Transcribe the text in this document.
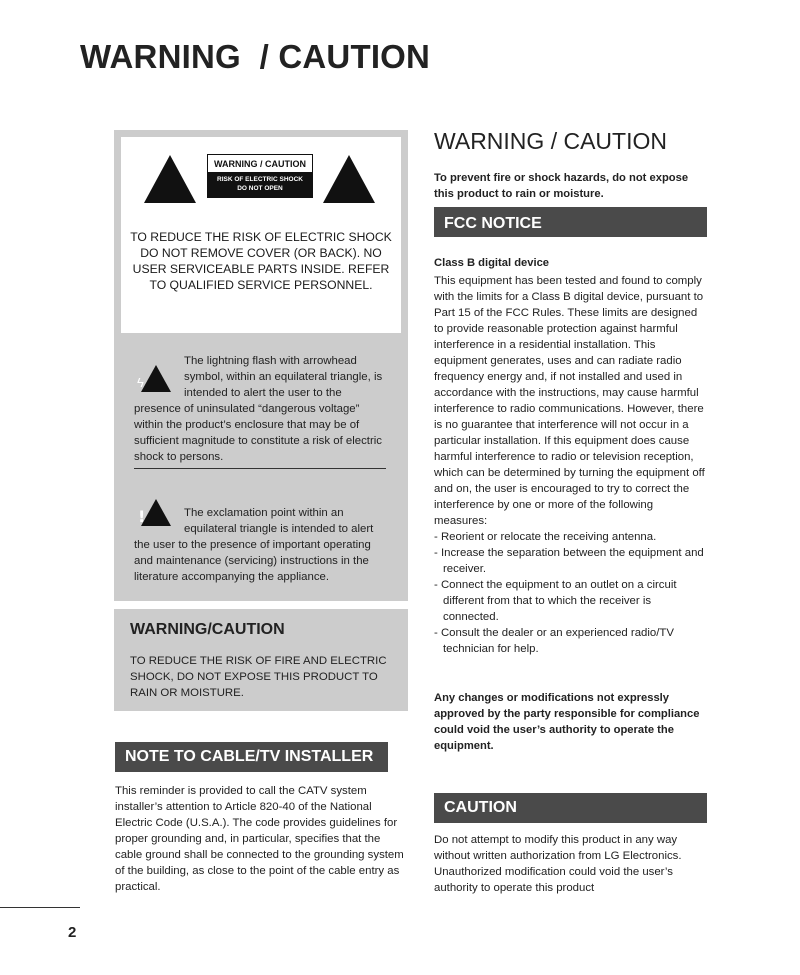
WARNING  / CAUTION
ϟ
WARNING / CAUTION
RISK OF ELECTRIC SHOCK
DO NOT OPEN	!
TO REDUCE THE RISK OF ELECTRIC SHOCK DO NOT REMOVE COVER (OR BACK). NO USER SERVICEABLE PARTS INSIDE. REFER TO QUALIFIED SERVICE PERSONNEL.
ϟ
The lightning flash with arrowhead symbol, within an equilateral triangle, is intended to alert the user to the presence of uninsulated “dangerous voltage” within the product’s enclosure that may be of sufficient magnitude to constitute a risk of electric shock to persons.
!	The exclamation point within an equilateral triangle is intended to alert the user to the presence of important operating and maintenance (servicing) instructions in the literature accompanying the appliance.
WARNING/CAUTION
TO REDUCE THE RISK OF FIRE AND ELECTRIC SHOCK, DO NOT EXPOSE THIS PRODUCT TO RAIN OR MOISTURE.
NOTE TO CABLE/TV INSTALLER
This reminder is provided to call the CATV system installer’s attention to Article 820-40 of the National Electric Code (U.S.A.). The code provides guidelines for proper grounding and, in particular, specifies that the cable ground shall be connected to the grounding system of the building, as close to the point of the cable entry as practical.
WARNING / CAUTION
To prevent fire or shock hazards, do not expose this product to rain or moisture.
FCC NOTICE
Class B digital device
This equipment has been tested and found to comply with the limits for a Class B digital device, pursuant to Part 15 of the FCC Rules. These limits are designed to provide reasonable protection against harmful interference in a residential installation. This equipment generates, uses and can radiate radio frequency energy and, if not installed and used in accordance with the instructions, may cause harmful interference to radio communications. However, there is no guarantee that interference will not occur in a particular installation. If this equipment does cause harmful interference to radio or television reception, which can be determined by turning the equipment off and on, the user is encouraged to try to correct the interference by one or more of the following measures:
- Reorient or relocate the receiving antenna.
- Increase the separation between the equipment and receiver.
- Connect the equipment to an outlet on a circuit different from that to which the receiver is connected.
- Consult the dealer or an experienced radio/TV technician for help.
Any changes or modifications not expressly approved by the party responsible for compliance could void the user’s authority to operate the equipment.
CAUTION
Do not attempt to modify this product in any way without written authorization from LG Electronics. Unauthorized modification could void the user’s authority to operate this product
2
